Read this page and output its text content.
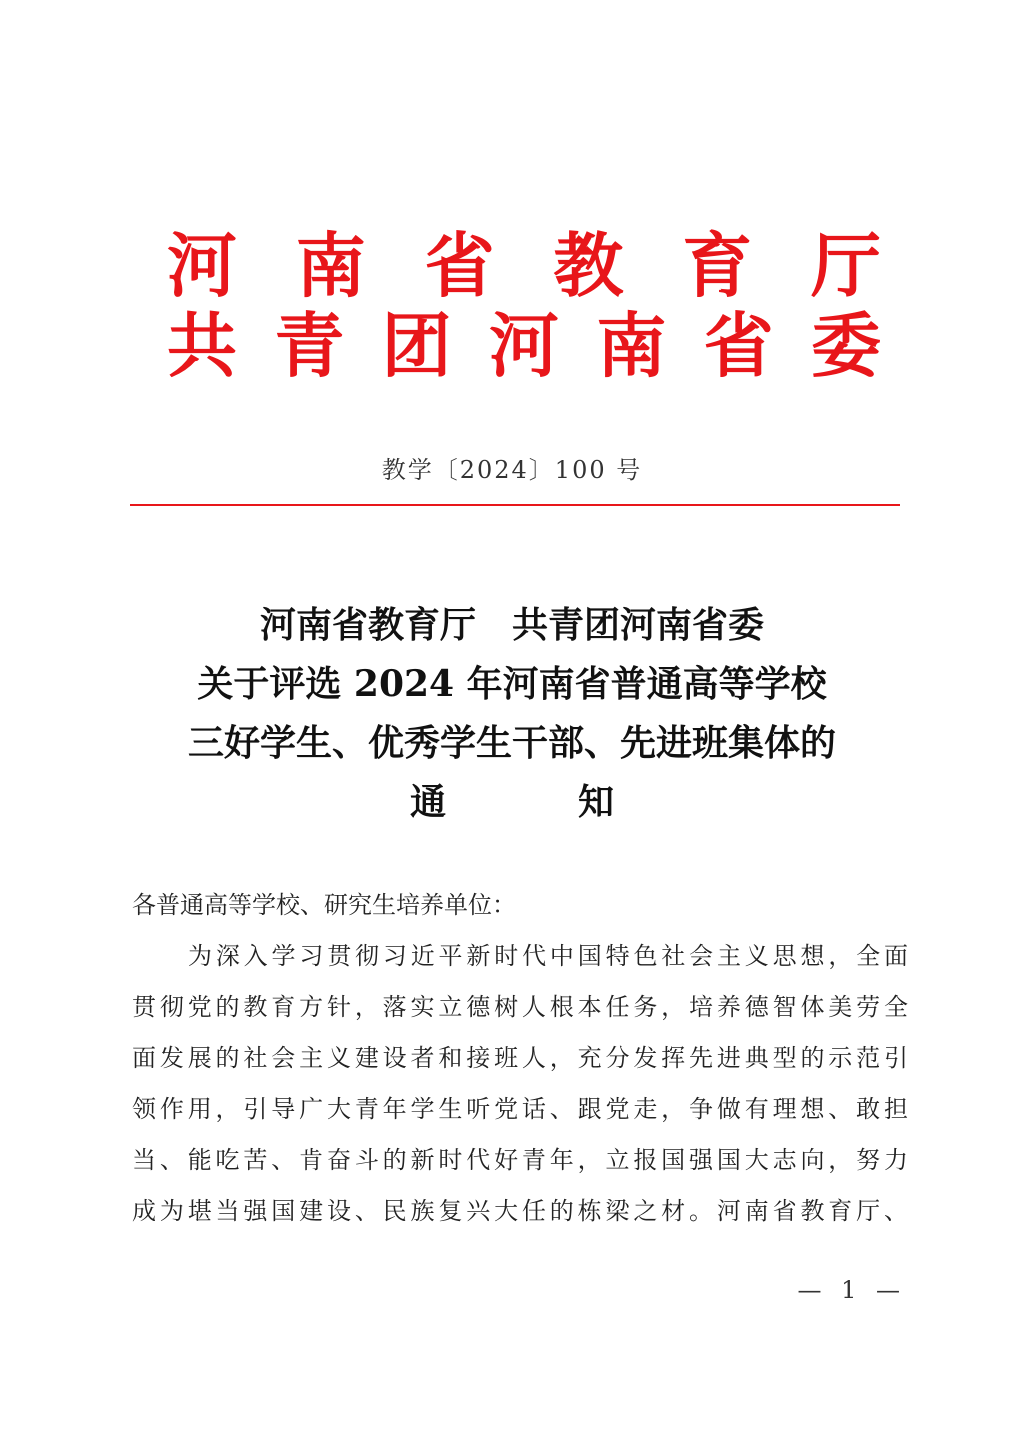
河 南 省 教 育 厅
共 青 团 河 南 省 委
教学〔2024〕100 号
河南省教育厅 共青团河南省委
关于评选 2024 年河南省普通高等学校
三好学生、优秀学生干部、先进班集体的
通	知
各普通高等学校、研究生培养单位：
为深入学习贯彻习近平新时代中国特色社会主义思想，全面
贯彻党的教育方针，落实立德树人根本任务，培养德智体美劳全
面发展的社会主义建设者和接班人，充分发挥先进典型的示范引
领作用，引导广大青年学生听党话、跟党走，争做有理想、敢担
当、能吃苦、肯奋斗的新时代好青年，立报国强国大志向，努力
成为堪当强国建设、民族复兴大任的栋梁之材。河南省教育厅、
— 1 —
